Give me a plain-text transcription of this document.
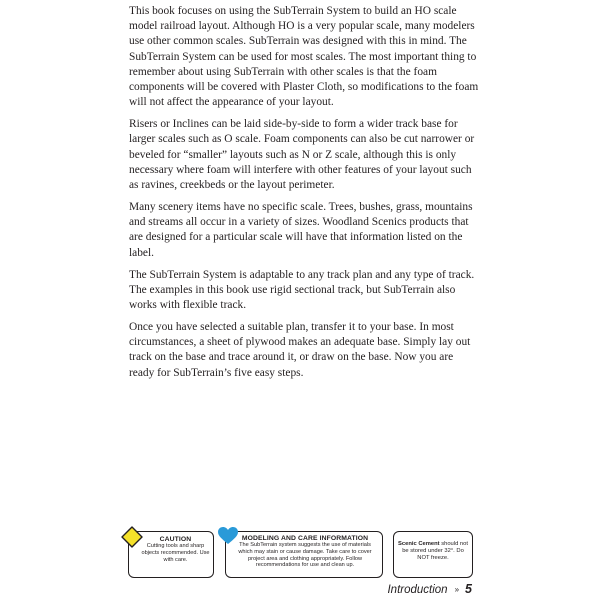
This book focuses on using the SubTerrain System to build an HO scale model railroad layout. Although HO is a very popular scale, many modelers use other common scales. SubTerrain was designed with this in mind. The SubTerrain System can be used for most scales. The most important thing to remember about using SubTerrain with other scales is that the foam components will be covered with Plaster Cloth, so modifications to the foam will not affect the appearance of your layout.

Risers or Inclines can be laid side-by-side to form a wider track base for larger scales such as O scale. Foam components can also be cut narrower or beveled for “smaller” layouts such as N or Z scale, although this is only necessary where foam will interfere with other features of your layout such as ravines, creekbeds or the layout perimeter.

Many scenery items have no specific scale. Trees, bushes, grass, mountains and streams all occur in a variety of sizes. Woodland Scenics products that are designed for a particular scale will have that information listed on the label.

The SubTerrain System is adaptable to any track plan and any type of track. The examples in this book use rigid sectional track, but SubTerrain also works with flexible track.

Once you have selected a suitable plan, transfer it to your base. In most circumstances, a sheet of plywood makes an adequate base. Simply lay out track on the base and trace around it, or draw on the base. Now you are ready for SubTerrain’s five easy steps.

CAUTION
Cutting tools and sharp objects recommended. Use with care.
MODELING AND CARE INFORMATION
The SubTerrain system suggests the use of materials which may stain or cause damage. Take care to cover project area and clothing appropriately. Follow recommendations for use and clean up.
Scenic Cement should not be stored under 32°. Do NOT freeze.
Introduction » 5
